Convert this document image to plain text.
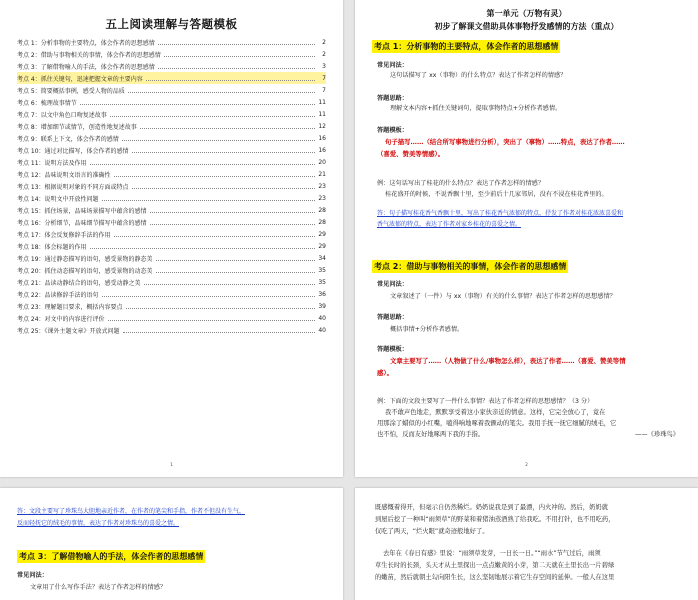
五上阅读理解与答题模板
考点 1：分析事物的主要特点，体会作者的思想感情	2
考点 2：借助与事物相关的事情，体会作者的思想感情	2
考点 3：了解借物喻人的手法，体会作者的思想感情	3
考点 4：抓住关键句，迅速把握文章的主要内容	7
考点 5：简要概括事例，感受人物的品质	7
考点 6：梳理故事情节	11
考点 7：以文中角色口吻复述故事	11
考点 8：增加细节或情节，创造性地复述故事	12
考点 9：联系上下文，体会作者的感情	16
考点 10：通过对比描写，体会作者的感情	16
考点 11：说明方法及作用	20
考点 12：品味说明文语言的准确性	21
考点 13：根据说明对象的不同方面或特点	23
考点 14：说明文中开放性问题	23
考点 15：抓住场景，品味场景描写中蕴含的感情	28
考点 16：分析细节，品味细节描写中蕴含的感情	28
考点 17：体会反复修辞手法的作用	29
考点 18：体会标题的作用	29
考点 19：通过静态描写的语句，感受景物的静态美	34
考点 20：抓住动态描写的语句，感受景物的动态美	35
考点 21：品读动静结合的语句，感受动静之美	35
考点 22：品读修辞手法的语句	36
考点 23：理解题目要求，概括内容要点	39
考点 24：对文中的内容进行评价	40
考点 25：《课外主题文章》开放式问题	40
1
第一单元（万物有灵）
初步了解课文借助具体事物抒发感情的方法（重点）
考点 1：分析事物的主要特点，体会作者的思想感情
常见问法：
这句话描写了 xx（事物）的什么特点？表达了作者怎样的情感？
答题思路：
理解文本内容+抓住关键词句，提取事物特点+分析作者感情。
答题模板：
句子描写……（结合所写事物进行分析），突出了（事物）……特点，表达了作者……
（喜爱、赞美等情感）。
例：这句话写出了桂花的什么特点？表达了作者怎样的情感？
桂花盛开的时候，不说香飘十里，至少前后十几家邻居，没有不浸在桂花香里的。
答：句子描写桂花香气香飘十里，写出了桂花香气浓郁的特点，抒发了作者对桂花浓浓喜爱和
香气浓郁的特点，表达了作者对家乡桂花的喜爱之情。
考点 2：借助与事物相关的事情，体会作者的思想感情
常见问法：
文章叙述了（一件）与 xx（事物）有关的什么事情？表达了作者怎样的思想感情？
答题思路：
概括事情+分析作者感情。
答题模板：
文章主要写了……（人物做了什么/事物怎么样），表达了作者……（喜爱、赞美等情
感）。
例：下面的文段主要写了一件什么事情？表达了作者怎样的思想感情？（3 分）
我不敢声色地走，默默享受着这小家伙亲近的情意。这样，它完全放心了，竟在
用那涂了蜡似的小红嘴，嗑得响地啄着我颤动的笔尖。我用手抚一抚它细腻的绒毛，它
也不怕，反而友好地啄两下我的手指。	——《珍珠鸟》
2
答：文段主要写了珍珠鸟大胆地亲近作者，在作者的笔尖和手指，作者不但没有生气，
反而轻抚它的绒毛的事情，表达了作者对珍珠鸟的喜爱之情。
考点 3：了解借物喻人的手法，体会作者的思想感情
常见问法：
文章用了什么写作手法？表达了作者怎样的情感？
既感慨着得开，但毫示自仍然稀烂。奶奶说我是到了最漂，内火冲的。然后，奶奶就
到屋后挖了一种叫“雨须草”的野菜和着猪油蒸酒熟了给我吃。不用打针，也不用吃药，
仅吃了两天，“烂火眼”就奇迹般地好了。
去年在《春日有感》里说：“雨须草发芽，一日长一日。”“雨水”节气过后，雨须
草生长时的长颈，头天才从土里探出一点点嫩黄的小芽，第二天就在土里长出一片碧绿
的嫩苗，然后就朝土勾向阳生长，这么坚韧地展示着它生存空间的延伸。一般人在这里
